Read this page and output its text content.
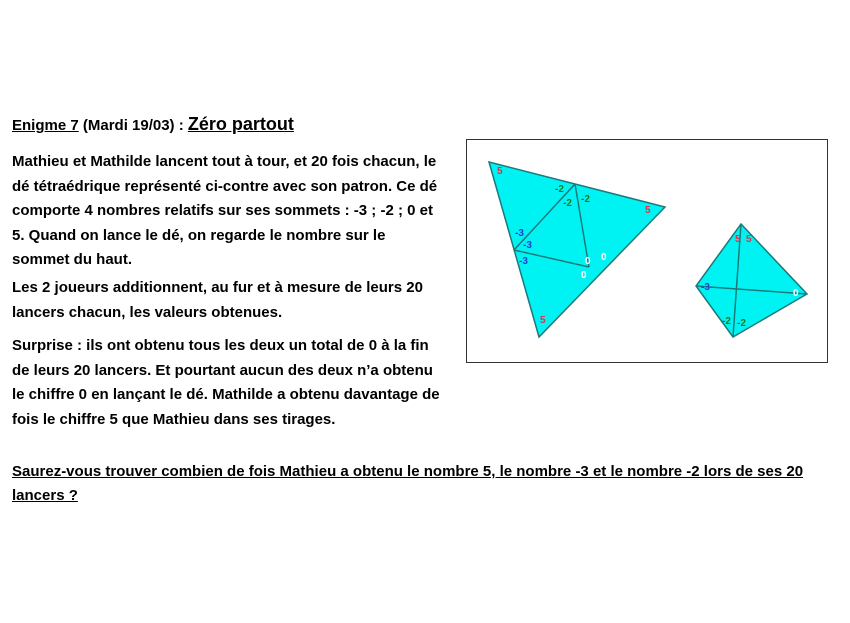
Enigme 7 (Mardi 19/03) : Zéro partout

Mathieu et Mathilde lancent tout à tour, et 20 fois chacun, le dé tétraédrique représenté ci-contre avec son patron. Ce dé comporte 4 nombres relatifs sur ses sommets : -3 ; -2 ; 0 et 5. Quand on lance le dé, on regarde le nombre sur le sommet du haut.

Les 2 joueurs additionnent, au fur et à mesure de leurs 20 lancers chacun, les valeurs obtenues.

Surprise : ils ont obtenu tous les deux un total de 0 à la fin de leurs 20 lancers. Et pourtant aucun des deux n’a obtenu le chiffre 0 en lançant le dé. Mathilde a obtenu davantage de fois le chiffre 5 que Mathieu dans ses tirages.

Saurez-vous trouver combien de fois Mathieu a obtenu le nombre 5, le nombre -3 et le nombre -2 lors de ses 20 lancers ?

5
5
5
-2
-2 -2
-3
-3
-3	0 0
0
5 5
-3
0
-2 -2
